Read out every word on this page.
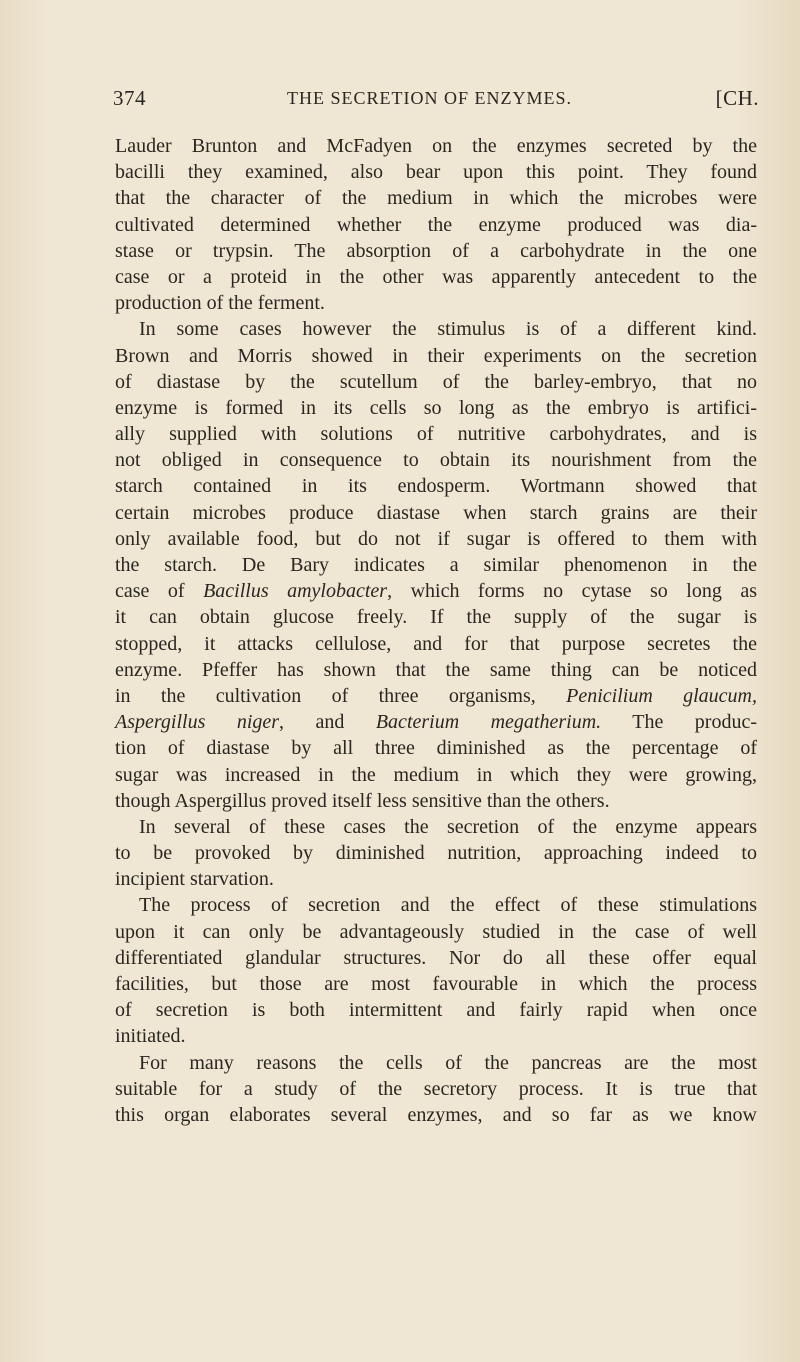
374	THE SECRETION OF ENZYMES.	[CH.
Lauder Brunton and McFadyen on the enzymes secreted by the
bacilli they examined, also bear upon this point. They found
that the character of the medium in which the microbes were
cultivated determined whether the enzyme produced was dia-
stase or trypsin. The absorption of a carbohydrate in the one
case or a proteid in the other was apparently antecedent to the
production of the ferment.
In some cases however the stimulus is of a different kind.
Brown and Morris showed in their experiments on the secretion
of diastase by the scutellum of the barley-embryo, that no
enzyme is formed in its cells so long as the embryo is artifici-
ally supplied with solutions of nutritive carbohydrates, and is
not obliged in consequence to obtain its nourishment from the
starch contained in its endosperm. Wortmann showed that
certain microbes produce diastase when starch grains are their
only available food, but do not if sugar is offered to them with
the starch. De Bary indicates a similar phenomenon in the
case of Bacillus amylobacter, which forms no cytase so long as
it can obtain glucose freely. If the supply of the sugar is
stopped, it attacks cellulose, and for that purpose secretes the
enzyme. Pfeffer has shown that the same thing can be noticed
in the cultivation of three organisms, Penicilium glaucum,
Aspergillus niger, and Bacterium megatherium. The produc-
tion of diastase by all three diminished as the percentage of
sugar was increased in the medium in which they were growing,
though Aspergillus proved itself less sensitive than the others.
In several of these cases the secretion of the enzyme appears
to be provoked by diminished nutrition, approaching indeed to
incipient starvation.
The process of secretion and the effect of these stimulations
upon it can only be advantageously studied in the case of well
differentiated glandular structures. Nor do all these offer equal
facilities, but those are most favourable in which the process
of secretion is both intermittent and fairly rapid when once
initiated.
For many reasons the cells of the pancreas are the most
suitable for a study of the secretory process. It is true that
this organ elaborates several enzymes, and so far as we know
